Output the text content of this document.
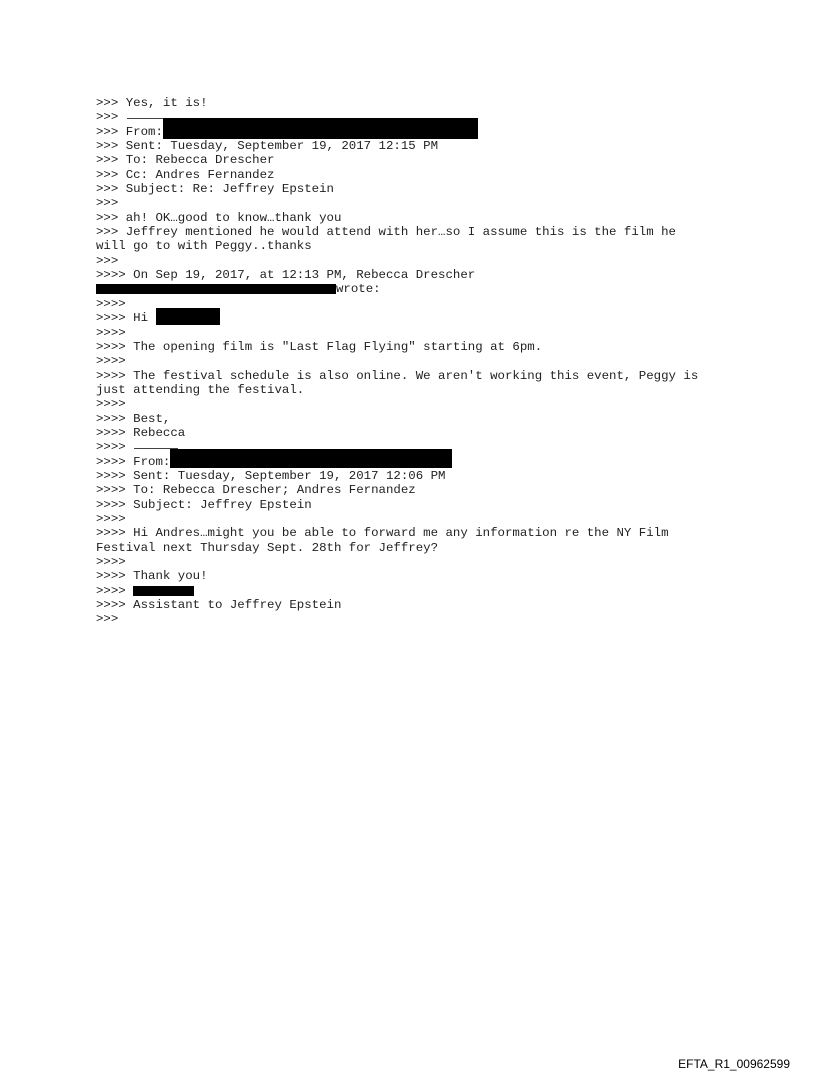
>>> Yes, it is!
>>>
>>> From:
>>> Sent: Tuesday, September 19, 2017 12:15 PM
>>> To: Rebecca Drescher
>>> Cc: Andres Fernandez
>>> Subject: Re: Jeffrey Epstein
>>>
>>> ah! OK…good to know…thank you
>>> Jeffrey mentioned he would attend with her…so I assume this is the film he
will go to with Peggy..thanks
>>>
>>>> On Sep 19, 2017, at 12:13 PM, Rebecca Drescher
wrote:
>>>>
>>>> Hi
>>>>
>>>> The opening film is "Last Flag Flying" starting at 6pm.
>>>>
>>>> The festival schedule is also online. We aren't working this event, Peggy is
just attending the festival.
>>>>
>>>> Best,
>>>> Rebecca
>>>>
>>>> From:
>>>> Sent: Tuesday, September 19, 2017 12:06 PM
>>>> To: Rebecca Drescher; Andres Fernandez
>>>> Subject: Jeffrey Epstein
>>>>
>>>> Hi Andres…might you be able to forward me any information re the NY Film
Festival next Thursday Sept. 28th for Jeffrey?
>>>>
>>>> Thank you!
>>>>
>>>> Assistant to Jeffrey Epstein
>>>
EFTA_R1_00962599
